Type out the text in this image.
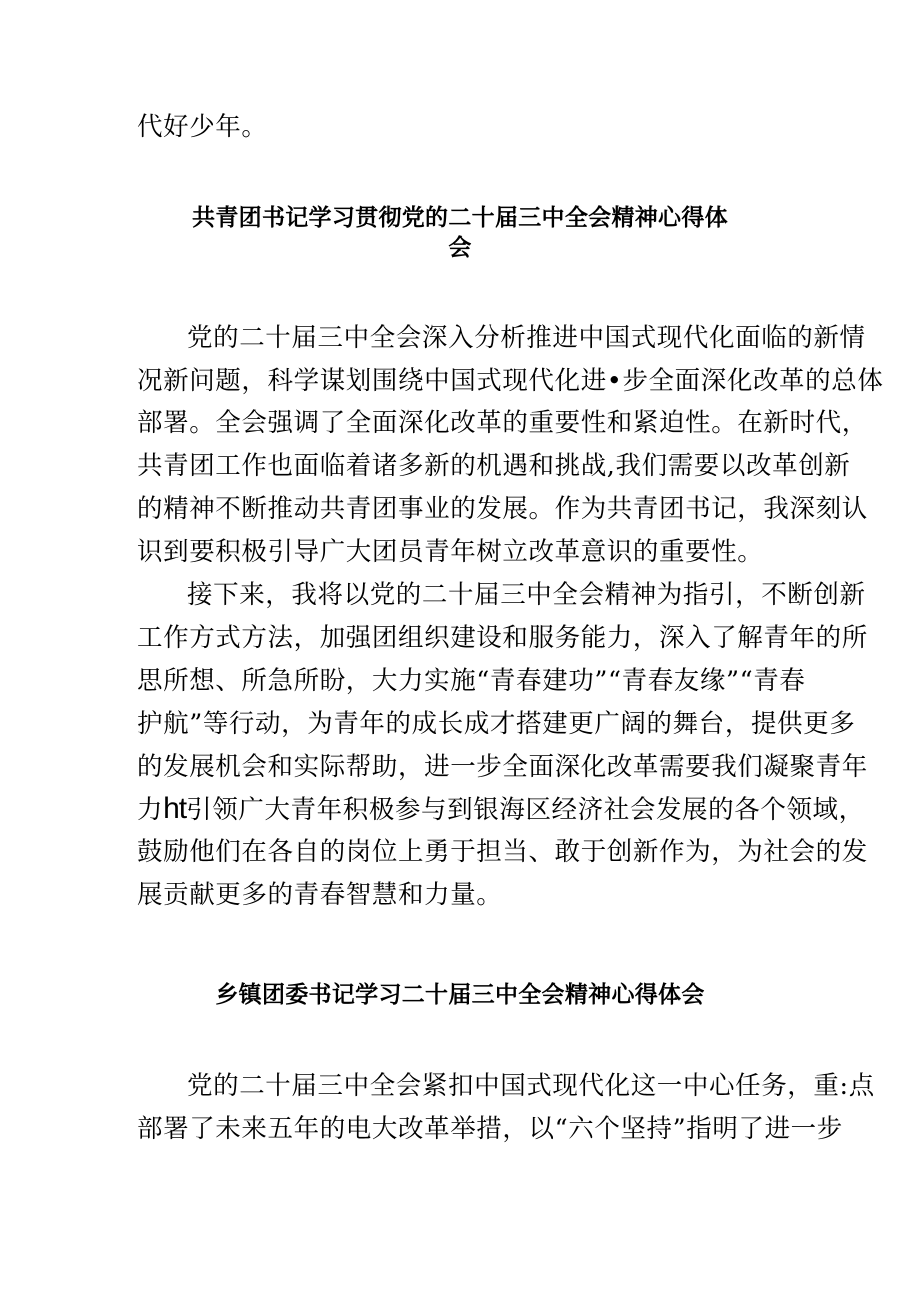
代好少年。
共青团书记学习贯彻党的二十届三中全会精神心得体
会
党的二十届三中全会深入分析推进中国式现代化面临的新情
况新问题，科学谋划围绕中国式现代化进•步全面深化改革的总体
部署。全会强调了全面深化改革的重要性和紧迫性。在新时代，
共青团工作也面临着诸多新的机遇和挑战,我们需要以改革创新
的精神不断推动共青团事业的发展。作为共青团书记，我深刻认
识到要积极引导广大团员青年树立改革意识的重要性。
接下来，我将以党的二十届三中全会精神为指引，不断创新
工作方式方法，加强团组织建设和服务能力，深入了解青年的所
思所想、所急所盼，大力实施“青春建功”“青春友缘”“青春
护航”等行动，为青年的成长成才搭建更广阔的舞台，提供更多
的发展机会和实际帮助，进一步全面深化改革需要我们凝聚青年
力ht引领广大青年积极参与到银海区经济社会发展的各个领域，
鼓励他们在各自的岗位上勇于担当、敢于创新作为，为社会的发
展贡献更多的青春智慧和力量。
乡镇团委书记学习二十届三中全会精神心得体会
党的二十届三中全会紧扣中国式现代化这一中心任务，重:点
部署了未来五年的电大改革举措，以“六个坚持”指明了进一步
